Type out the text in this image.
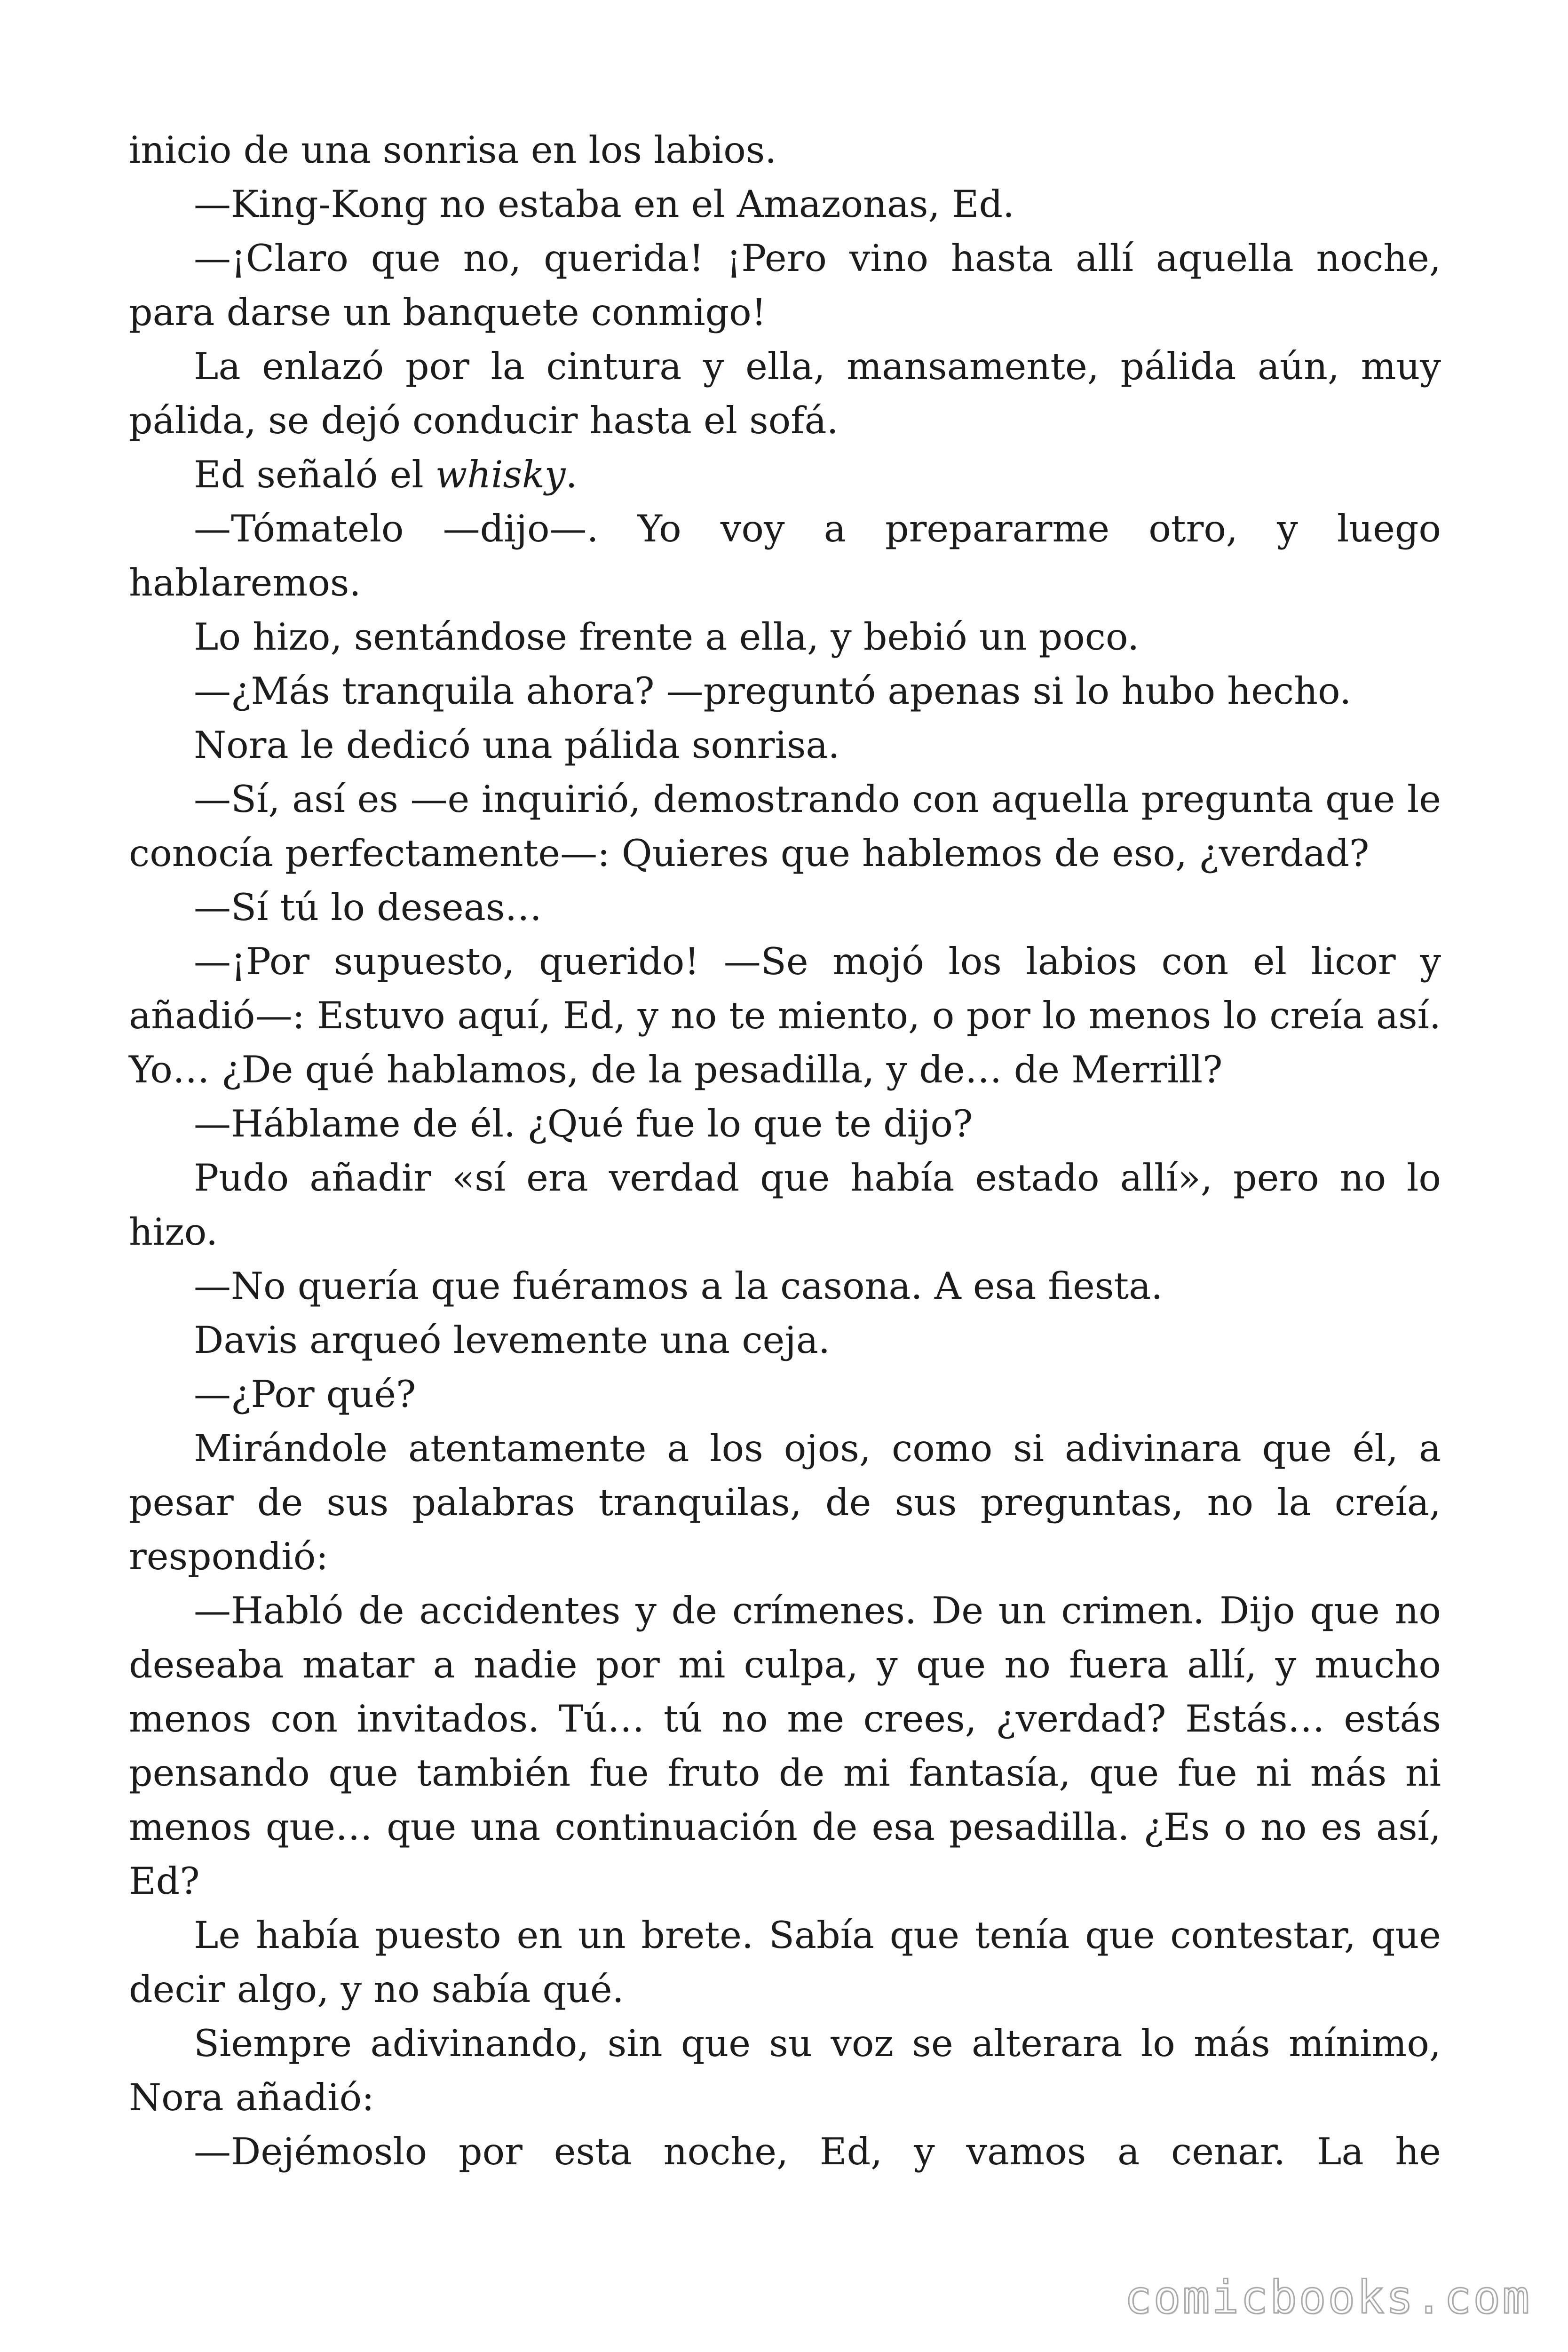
inicio de una sonrisa en los labios.

—King-Kong no estaba en el Amazonas, Ed.

—¡Claro que no, querida! ¡Pero vino hasta allí aquella noche, para darse un banquete conmigo!

La enlazó por la cintura y ella, mansamente, pálida aún, muy pálida, se dejó conducir hasta el sofá.

Ed señaló el whisky.

—Tómatelo —dijo—. Yo voy a prepararme otro, y luego hablaremos.

Lo hizo, sentándose frente a ella, y bebió un poco.

—¿Más tranquila ahora? —preguntó apenas si lo hubo hecho.

Nora le dedicó una pálida sonrisa.

—Sí, así es —e inquirió, demostrando con aquella pregunta que le conocía perfectamente—: Quieres que hablemos de eso, ¿verdad?

—Sí tú lo deseas…

—¡Por supuesto, querido! —Se mojó los labios con el licor y añadió—: Estuvo aquí, Ed, y no te miento, o por lo menos lo creía así. Yo… ¿De qué hablamos, de la pesadilla, y de… de Merrill?

—Háblame de él. ¿Qué fue lo que te dijo?

Pudo añadir «sí era verdad que había estado allí», pero no lo hizo.

—No quería que fuéramos a la casona. A esa fiesta.

Davis arqueó levemente una ceja.

—¿Por qué?

Mirándole atentamente a los ojos, como si adivinara que él, a pesar de sus palabras tranquilas, de sus preguntas, no la creía, respondió:

—Habló de accidentes y de crímenes. De un crimen. Dijo que no deseaba matar a nadie por mi culpa, y que no fuera allí, y mucho menos con invitados. Tú… tú no me crees, ¿verdad? Estás… estás pensando que también fue fruto de mi fantasía, que fue ni más ni menos que… que una continuación de esa pesadilla. ¿Es o no es así, Ed?

Le había puesto en un brete. Sabía que tenía que contestar, que decir algo, y no sabía qué.

Siempre adivinando, sin que su voz se alterara lo más mínimo, Nora añadió:

—Dejémoslo por esta noche, Ed, y vamos a cenar. La he

comicbooks.com
